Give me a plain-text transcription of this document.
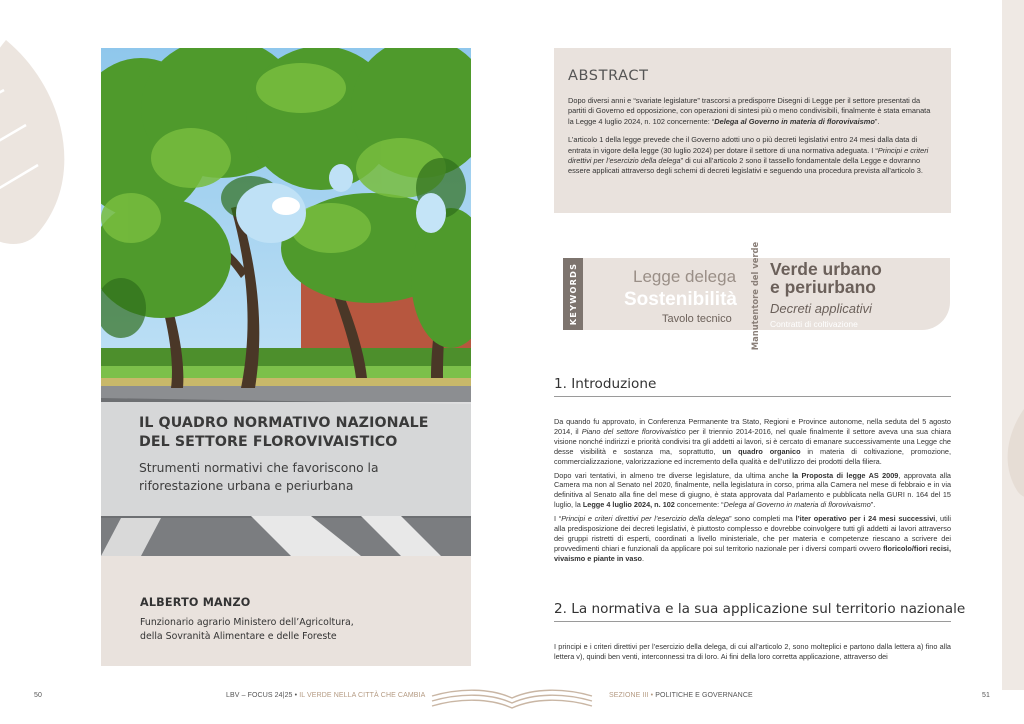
IL QUADRO NORMATIVO NAZIONALE DEL SETTORE FLOROVIVAISTICO
Strumenti normativi che favoriscono la riforestazione urbana e periurbana
ALBERTO MANZO
Funzionario agrario Ministero dell’Agricoltura,
della Sovranità Alimentare e delle Foreste
ABSTRACT

Dopo diversi anni e “svariate legislature” trascorsi a predisporre Disegni di Legge per il settore presentati da partiti di Governo ed opposizione, con operazioni di sintesi più o meno condivisibili, finalmente è stata emanata la Legge 4 luglio 2024, n. 102 concernente: “Delega al Governo in materia di florovivaismo”.

L’articolo 1 della legge prevede che il Governo adotti uno o più decreti legislativi entro 24 mesi dalla data di entrata in vigore della legge (30 luglio 2024) per dotare il settore di una normativa adeguata. I “Principi e criteri direttivi per l’esercizio della delega” di cui all’articolo 2 sono il tassello fondamentale della Legge e dovranno essere applicati attraverso degli schemi di decreti legislativi e seguendo una procedura prevista all’articolo 3.

KEYWORDS	Legge delega
Sostenibilità
Tavolo tecnico Manutentore del verde Verde urbano
e periurbano
Decreti applicativi
Contratti di coltivazione
1. Introduzione

Da quando fu approvato, in Conferenza Permanente tra Stato, Regioni e Province autonome, nella seduta del 5 agosto 2014, il Piano del settore florovivaistico per il triennio 2014-2016, nel quale finalmente il settore aveva una sua chiara visione nonché indirizzi e priorità condivisi tra gli addetti ai lavori, si è cercato di emanare successivamente una Legge che desse visibilità e sostanza ma, soprattutto, un quadro organico in materia di coltivazione, promozione, commercializzazione, valorizzazione ed incremento della qualità e dell’utilizzo dei prodotti della filiera.

Dopo vari tentativi, in almeno tre diverse legislature, da ultima anche la Proposta di legge AS 2009, approvata alla Camera ma non al Senato nel 2020, finalmente, nella legislatura in corso, prima alla Camera nel mese di febbraio e in via definitiva al Senato alla fine del mese di giugno, è stata approvata dal Parlamento e pubblicata nella GURI n. 164 del 15 luglio, la Legge 4 luglio 2024, n. 102 concernente: “Delega al Governo in materia di florovivaismo”.

I “Principi e criteri direttivi per l’esercizio della delega” sono completi ma l’iter operativo per i 24 mesi successivi, utili alla predisposizione dei decreti legislativi, è piuttosto complesso e dovrebbe coinvolgere tutti gli addetti ai lavori attraverso dei gruppi ristretti di esperti, coordinati a livello ministeriale, che per materia e competenze riescano a scrivere dei provvedimenti chiari e funzionali da applicare poi sul territorio nazionale per i diversi comparti ovvero floricolo/fiori recisi, vivaismo e piante in vaso.

2. La normativa e la sua applicazione sul territorio nazionale

I principi e i criteri direttivi per l’esercizio della delega, di cui all’articolo 2, sono molteplici e partono dalla lettera a) fino alla lettera v), quindi ben venti, interconnessi tra di loro. Ai fini della loro corretta applicazione, attraverso dei

50	LBV – FOCUS 24|25 • IL VERDE NELLA CITTÀ CHE CAMBIA	SEZIONE III • POLITICHE E GOVERNANCE	51
